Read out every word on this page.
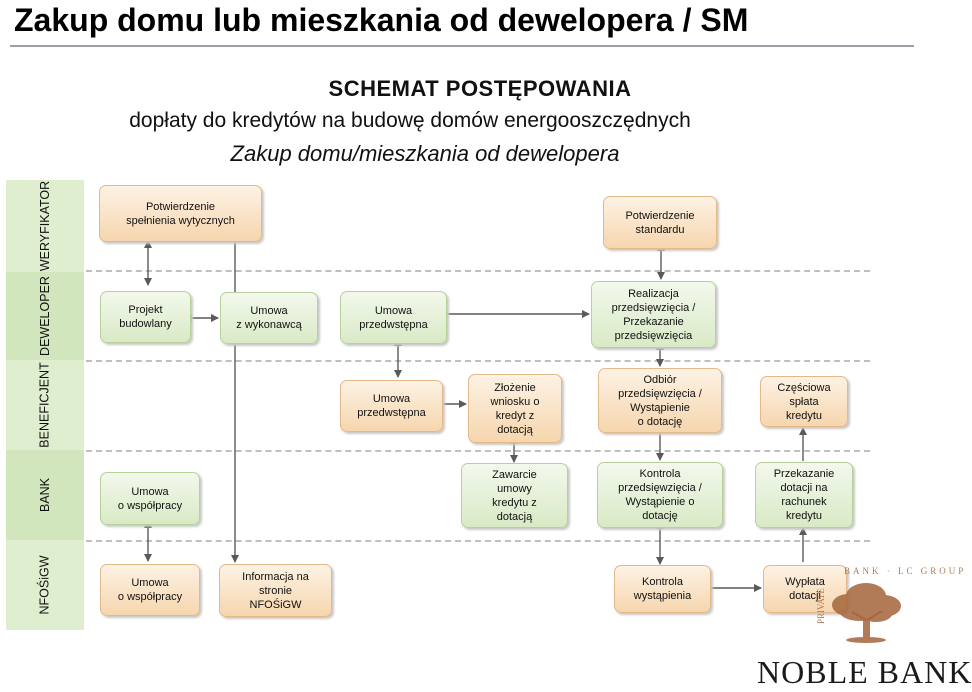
Zakup domu lub mieszkania od dewelopera / SM
SCHEMAT POSTĘPOWANIA
dopłaty do kredytów na budowę domów energooszczędnych
Zakup domu/mieszkania od dewelopera
WERYFIKATOR
DEWELOPER
BENEFICJENT
BANK
NFOŚiGW
Potwierdzenie
spełnienia wytycznych	Potwierdzenie
standardu
Projekt
budowlany
Umowa
z wykonawcą
Umowa
przedwstępna
Realizacja
przedsięwzięcia /
Przekazanie
przedsięwzięcia
Umowa
przedwstępna
Złożenie
wniosku o
kredyt z
dotacją
Odbiór
przedsięwzięcia /
Wystąpienie
o dotację
Częściowa
spłata
kredytu
Umowa
o współpracy
Zawarcie
umowy
kredytu z
dotacją
Kontrola
przedsięwzięcia /
Wystąpienie o
dotację
Przekazanie
dotacji na
rachunek
kredytu
Umowa
o współpracy
Informacja na
stronie
NFOŚiGW
Kontrola
wystąpienia
Wypłata
dotacji
PRIVATE
BANK · LC GROUP
NOBLE BANK
